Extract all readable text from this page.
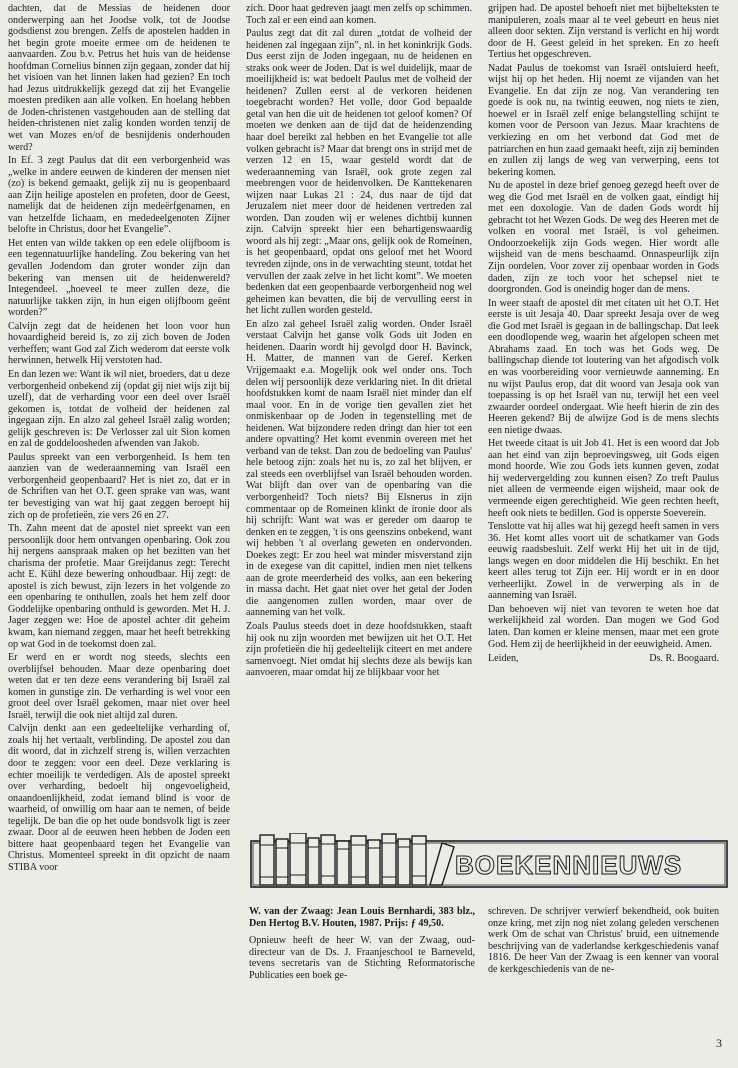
dachten, dat de Messias de heidenen door onderwerping aan het Joodse volk, tot de Joodse godsdienst zou brengen. Zelfs de apostelen hadden in het begin grote moeite ermee om de heidenen te aanvaarden. Zou b.v. Petrus het huis van de heidense hoofdman Cornelius binnen zijn gegaan, zonder dat hij het visioen van het linnen laken had gezien? En toch had Jezus uitdrukkelijk gezegd dat zij het Evangelie moesten prediken aan alle volken. En hoelang hebben de Joden-christenen vastgehouden aan de stelling dat heiden-christenen niet zalig konden worden tenzij de wet van Mozes en/of de besnijdenis onderhouden werd?

In Ef. 3 zegt Paulus dat dit een verborgenheid was „welke in andere eeuwen de kinderen der mensen niet (zo) is bekend gemaakt, gelijk zij nu is geopenbaard aan Zijn heilige apostelen en profeten, door de Geest, namelijk dat de heidenen zijn medeërfgenamen, en van hetzelfde lichaam, en mededeelgenoten Zijner belofte in Christus, door het Evangelie”.

Het enten van wilde takken op een edele olijfboom is een tegennatuurlijke handeling. Zou bekering van het gevallen Jodendom dan groter wonder zijn dan bekering van mensen uit de heidenwereld? Integendeel. „hoeveel te meer zullen deze, die natuurlijke takken zijn, in hun eigen olijfboom geënt worden?”

Calvijn zegt dat de heidenen het loon voor hun hovaardigheid bereid is, zo zij zich boven de Joden verheffen; want God zal Zich wederom dat eerste volk herwinnen, hetwelk Hij verstoten had.

En dan lezen we: Want ik wil niet, broeders, dat u deze verborgenheid onbekend zij (opdat gij niet wijs zijt bij uzelf), dat de verharding voor een deel over Israël gekomen is, totdat de volheid der heidenen zal ingegaan zijn. En alzo zal geheel Israël zalig worden; gelijk geschreven is: De Verlosser zal uit Sion komen en zal de goddeloosheden afwenden van Jakob.

Paulus spreekt van een verborgenheid. Is hem ten aanzien van de wederaanneming van Israël een verborgenheid geopenbaard? Het is niet zo, dat er in de Schriften van het O.T. geen sprake van was, want ter bevestiging van wat hij gaat zeggen beroept hij zich op de profetieën, zie vers 26 en 27.

Th. Zahn meent dat de apostel niet spreekt van een persoonlijk door hem ontvangen openbaring. Ook zou hij nergens aanspraak maken op het bezitten van het charisma der profetie. Maar Greijdanus zegt: Terecht acht E. Kühl deze bewering onhoudbaar. Hij zegt: de apostel is zich bewust, zijn lezers in het volgende zo een openbaring te onthullen, zoals het hem zelf door Goddelijke openbaring onthuld is geworden. Met H. J. Jager zeggen we: Hoe de apostel achter dit geheim kwam, kan niemand zeggen, maar het heeft betrekking op wat God in de toekomst doen zal.

Er werd en er wordt nog steeds, slechts een overblijfsel behouden. Maar deze openbaring doet weten dat er ten deze eens verandering bij Israël zal komen in gunstige zin. De verharding is wel voor een groot deel over Israël gekomen, maar niet over heel Israël, terwijl die ook niet altijd zal duren.

Calvijn denkt aan een gedeeltelijke verharding of, zoals hij het vertaalt, verblinding. De apostel zou dan dit woord, dat in zichzelf streng is, willen verzachten door te zeggen: voor een deel. Deze verklaring is echter moeilijk te verdedigen. Als de apostel spreekt over verharding, bedoelt hij ongevoeligheid, onaandoenlijkheid, zodat iemand blind is voor de waarheid, of onwillig om haar aan te nemen, of beide tegelijk. De ban die op het oude bondsvolk ligt is zeer zwaar. Door al de eeuwen heen hebben de Joden een bittere haat geopenbaard tegen het Evangelie van Christus. Momenteel spreekt in dit opzicht de naam STIBA voor

zich. Door haat gedreven jaagt men zelfs op schimmen. Toch zal er een eind aan komen.

Paulus zegt dat dit zal duren „totdat de volheid der heidenen zal ingegaan zijn”, nl. in het koninkrijk Gods. Dus eerst zijn de Joden ingegaan, nu de heidenen en straks ook weer de Joden. Dat is wel duidelijk, maar de moeilijkheid is: wat bedoelt Paulus met de volheid der heidenen? Zullen eerst al de verkoren heidenen toegebracht worden? Het volle, door God bepaalde getal van hen die uit de heidenen tot geloof komen? Of moeten we denken aan de tijd dat de heidenzending haar doel bereikt zal hebben en het Evangelie tot alle volken gebracht is? Maar dat brengt ons in strijd met de verzen 12 en 15, waar gesteld wordt dat de wederaanneming van Israël, ook grote zegen zal meebrengen voor de heidenvolken. De Kanttekenaren wijzen naar Lukas 21 : 24, dus naar de tijd dat Jeruzalem niet meer door de heidenen vertreden zal worden. Dan zouden wij er welenes dichtbij kunnen zijn. Calvijn spreekt hier een behartigenswaardig woord als hij zegt: „Maar ons, gelijk ook de Romeinen, is het geopenbaard, opdat ons geloof met het Woord tevreden zijnde, ons in de verwachting steunt, totdat het vervullen der zaak zelve in het licht komt”. We moeten bedenken dat een geopenbaarde verborgenheid nog wel geheimen kan bevatten, die bij de vervulling eerst in het licht zullen worden gesteld.

En alzo zal geheel Israël zalig worden. Onder Israël verstaat Calvijn het ganse volk Gods uit Joden en heidenen. Daarin wordt hij gevolgd door H. Bavinck, H. Matter, de mannen van de Geref. Kerken Vrijgemaakt e.a. Mogelijk ook wel onder ons. Toch delen wij persoonlijk deze verklaring niet. In dit drietal hoofdstukken komt de naam Israël niet minder dan elf maal voor. En in de vorige tien gevallen ziet het onmiskenbaar op de Joden in tegenstelling met de heidenen. Wat bijzondere reden dringt dan hier tot een andere opvatting? Het komt evenmin overeen met het verband van de tekst. Dan zou de bedoeling van Paulus' hele betoog zijn: zoals het nu is, zo zal het blijven, er zal steeds een overblijfsel van Israël behouden worden. Wat blijft dan over van de openbaring van die verborgenheid? Toch niets? Bij Elsnerus in zijn commentaar op de Romeinen klinkt de ironie door als hij schrijft: Want wat was er gereder om daarop te denken en te zeggen, 't is ons geenszins onbekend, want wij hebben 't al overlang geweten en ondervonden. Doekes zegt: Er zou heel wat minder misverstand zijn in de exegese van dit capittel, indien men niet telkens aan de grote meerderheid des volks, aan een bekering in massa dacht. Het gaat niet over het getal der Joden die aangenomen zullen worden, maar over de aanneming van het volk.

Zoals Paulus steeds doet in deze hoofdstukken, staaft hij ook nu zijn woorden met bewijzen uit het O.T. Het zijn profetieën die hij gedeeltelijk citeert en met andere samenvoegt. Niet omdat hij slechts deze als bewijs kan aanvoeren, maar omdat hij ze blijkbaar voor het

grijpen had. De apostel behoeft niet met bijbelteksten te manipuleren, zoals maar al te veel gebeurt en heus niet alleen door sekten. Zijn verstand is verlicht en hij wordt door de H. Geest geleid in het spreken. En zo heeft Tertius het opgeschreven.

Nadat Paulus de toekomst van Israël ontsluierd heeft, wijst hij op het heden. Hij noemt ze vijanden van het Evangelie. En dat zijn ze nog. Van verandering ten goede is ook nu, na twintig eeuwen, nog niets te zien, hoewel er in Israël zelf enige belangstelling schijnt te komen voor de Persoon van Jezus. Maar krachtens de verkiezing en om het verbond dat God met de patriarchen en hun zaad gemaakt heeft, zijn zij beminden en zullen zij langs de weg van verwerping, eens tot bekering komen.

Nu de apostel in deze brief genoeg gezegd heeft over de weg die God met Israël en de volken gaat, eindigt hij met een doxologie. Van de daden Gods wordt hij gebracht tot het Wezen Gods. De weg des Heeren met de volken en vooral met Israël, is vol geheimen. Ondoorzoekelijk zijn Gods wegen. Hier wordt alle wijsheid van de mens beschaamd. Onnaspeurlijk zijn Zijn oordelen. Voor zover zij openbaar worden in Gods daden, zijn ze toch voor het schepsel niet te doorgronden. God is oneindig hoger dan de mens.

In weer staaft de apostel dit met citaten uit het O.T. Het eerste is uit Jesaja 40. Daar spreekt Jesaja over de weg die God met Israël is gegaan in de ballingschap. Dat leek een doodlopende weg, waarin het afgelopen scheen met Abrahams zaad. En toch was het Gods weg. De ballingschap diende tot loutering van het afgodisch volk en was voorbereiding voor vernieuwde aanneming. En nu wijst Paulus erop, dat dit woord van Jesaja ook van toepassing is op het Israël van nu, terwijl het een veel zwaarder oordeel ondergaat. Wie heeft hierin de zin des Heeren gekend? Bij de alwijze God is de mens slechts een nietige dwaas.

Het tweede citaat is uit Job 41. Het is een woord dat Job aan het eind van zijn beproevingsweg, uit Gods eigen mond hoorde. Wie zou Gods iets kunnen geven, zodat hij wedervergelding zou kunnen eisen? Zo treft Paulus niet alleen de vermeende eigen wijsheid, maar ook de vermeende eigen gerechtigheid. Wie geen rechten heeft, heeft ook niets te bedillen. God is opperste Soeverein.

Tenslotte vat hij alles wat hij gezegd heeft samen in vers 36. Het komt alles voort uit de schatkamer van Gods eeuwig raadsbesluit. Zelf werkt Hij het uit in de tijd, langs wegen en door middelen die Hij beschikt. En het keert alles terug tot Zijn eer. Hij wordt er in en door verheerlijkt. Zowel in de verwerping als in de aanneming van Israël.

Dan behoeven wij niet van tevoren te weten hoe dat werkelijkheid zal worden. Dan mogen we God God laten. Dan komen er kleine mensen, maar met een grote God. Hem zij de heerlijkheid in der eeuwigheid. Amen.

Leiden,	Ds. R. Boogaard.
BOEKENNIEUWS
W. van der Zwaag: Jean Louis Bernhardi, 383 blz., Den Hertog B.V. Houten, 1987. Prijs: ƒ 49,50.
Opnieuw heeft de heer W. van der Zwaag, oud-directeur van de Ds. J. Fraanjeschool te Barneveld, tevens secretaris van de Stichting Reformatorische Publicaties een boek ge-
schreven. De schrijver verwierf bekendheid, ook buiten onze kring, met zijn nog niet zolang geleden verschenen werk Om de schat van Christus' bruid, een uitnemende beschrijving van de vaderlandse kerkgeschiedenis vanaf 1816. De heer Van der Zwaag is een kenner van vooral de kerkgeschiedenis van de ne-
3
